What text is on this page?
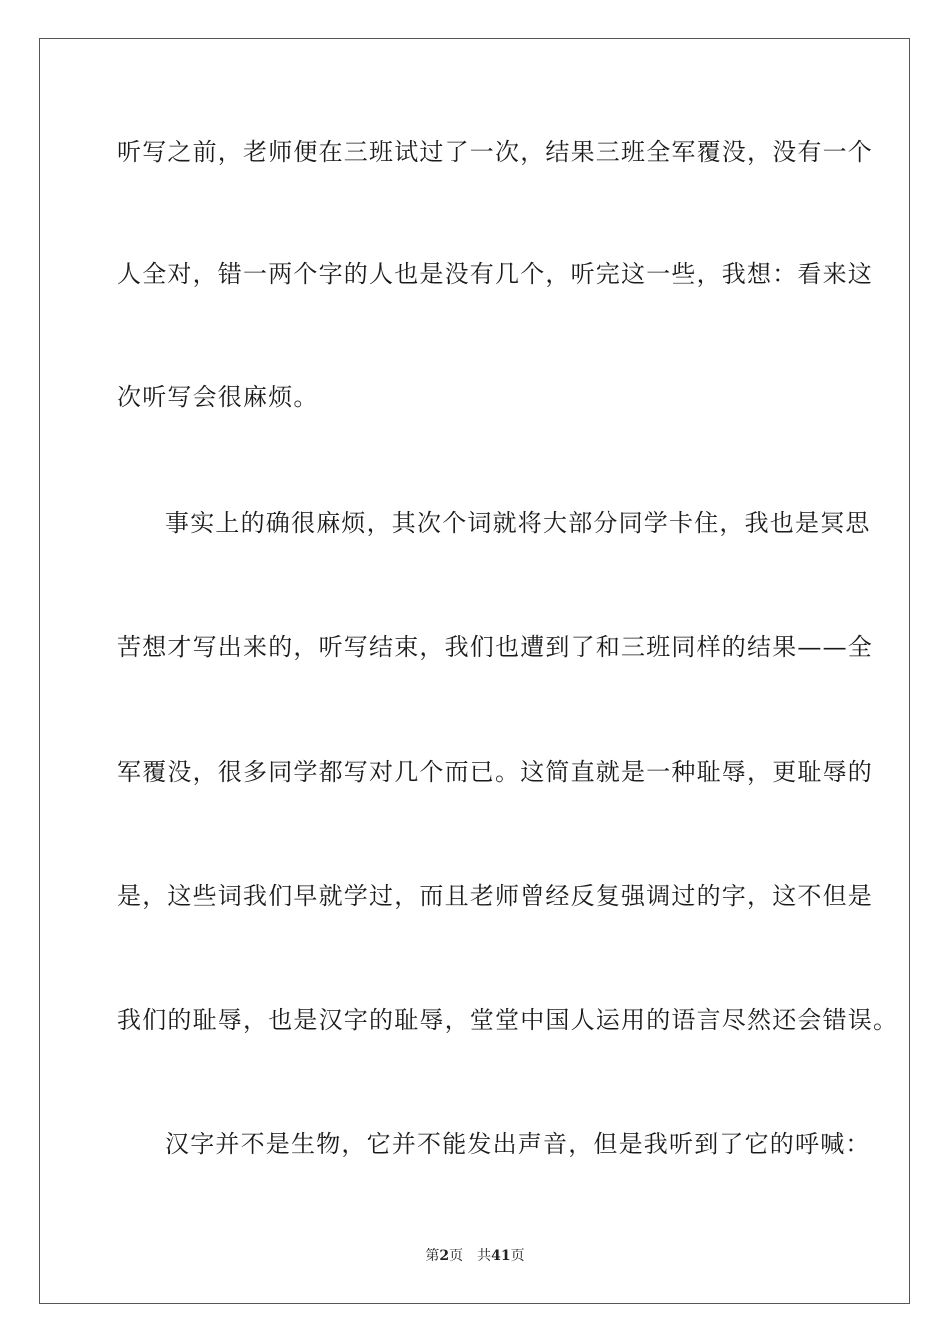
听写之前，老师便在三班试过了一次，结果三班全军覆没，没有一个
人全对，错一两个字的人也是没有几个，听完这一些，我想：看来这
次听写会很麻烦。
事实上的确很麻烦，其次个词就将大部分同学卡住，我也是冥思
苦想才写出来的，听写结束，我们也遭到了和三班同样的结果——全
军覆没，很多同学都写对几个而已。这简直就是一种耻辱，更耻辱的
是，这些词我们早就学过，而且老师曾经反复强调过的字，这不但是
我们的耻辱，也是汉字的耻辱，堂堂中国人运用的语言尽然还会错误。
汉字并不是生物，它并不能发出声音，但是我听到了它的呼喊：
第2页 共41页
